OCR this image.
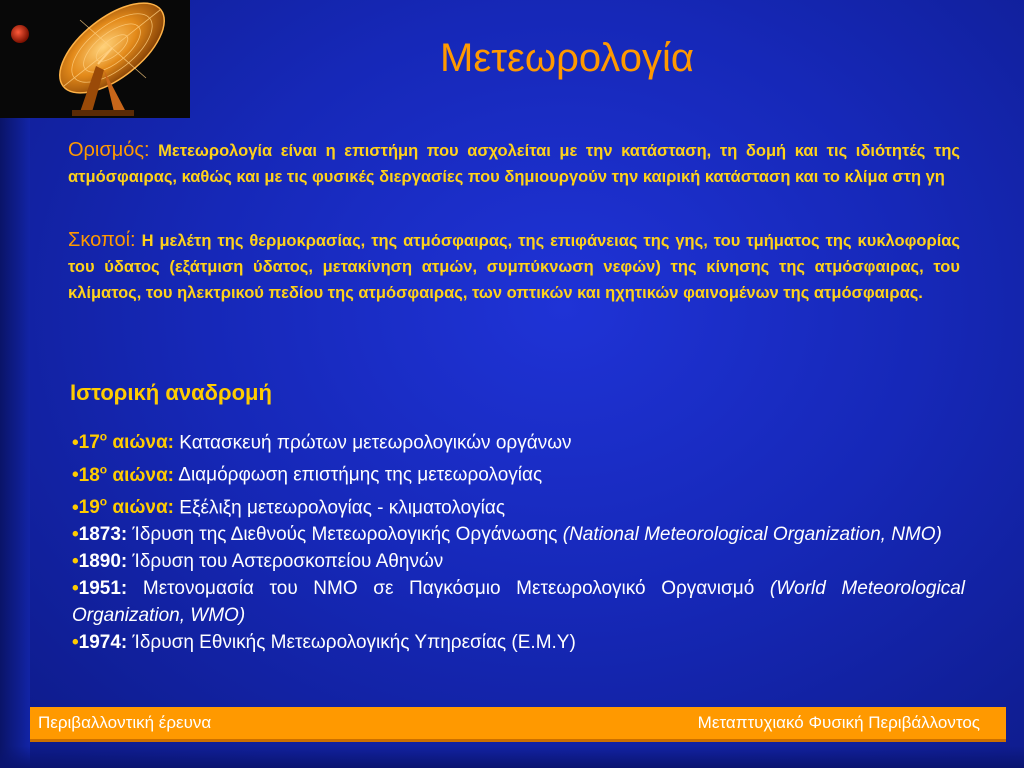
Μετεωρολογία
Ορισμός: Μετεωρολογία είναι η επιστήμη που ασχολείται με την κατάσταση, τη δομή και τις ιδιότητές της ατμόσφαιρας, καθώς και με τις φυσικές διεργασίες που δημιουργούν την καιρική κατάσταση και το κλίμα στη γη
Σκοποί: Η μελέτη της θερμοκρασίας, της ατμόσφαιρας, της επιφάνειας της γης, του τμήματος της κυκλοφορίας του ύδατος (εξάτμιση ύδατος, μετακίνηση ατμών, συμπύκνωση νεφών) της κίνησης της ατμόσφαιρας, του κλίματος, του ηλεκτρικού πεδίου της ατμόσφαιρας, των οπτικών και ηχητικών φαινομένων της ατμόσφαιρας.
Ιστορική αναδρομή
$•17^o$ αιώνα: Κατασκευή πρώτων μετεωρολογικών οργάνων
$•18^o$ αιώνα: Διαμόρφωση επιστήμης της μετεωρολογίας
$•19^o$ αιώνα: Εξέλιξη μετεωρολογίας - κλιματολογίας
•1873: Ίδρυση της Διεθνούς Μετεωρολογικής Οργάνωσης (National Meteorological Organization, NMO)
•1890: Ίδρυση του Αστεροσκοπείου Αθηνών
•1951: Μετονομασία του NMO σε Παγκόσμιο Μετεωρολογικό Οργανισμό (World Meteorological Organization, WMO)
•1974: Ίδρυση Εθνικής Μετεωρολογικής Υπηρεσίας (Ε.Μ.Υ)
Περιβαλλοντική έρευνα	Μεταπτυχιακό Φυσική Περιβάλλοντος
